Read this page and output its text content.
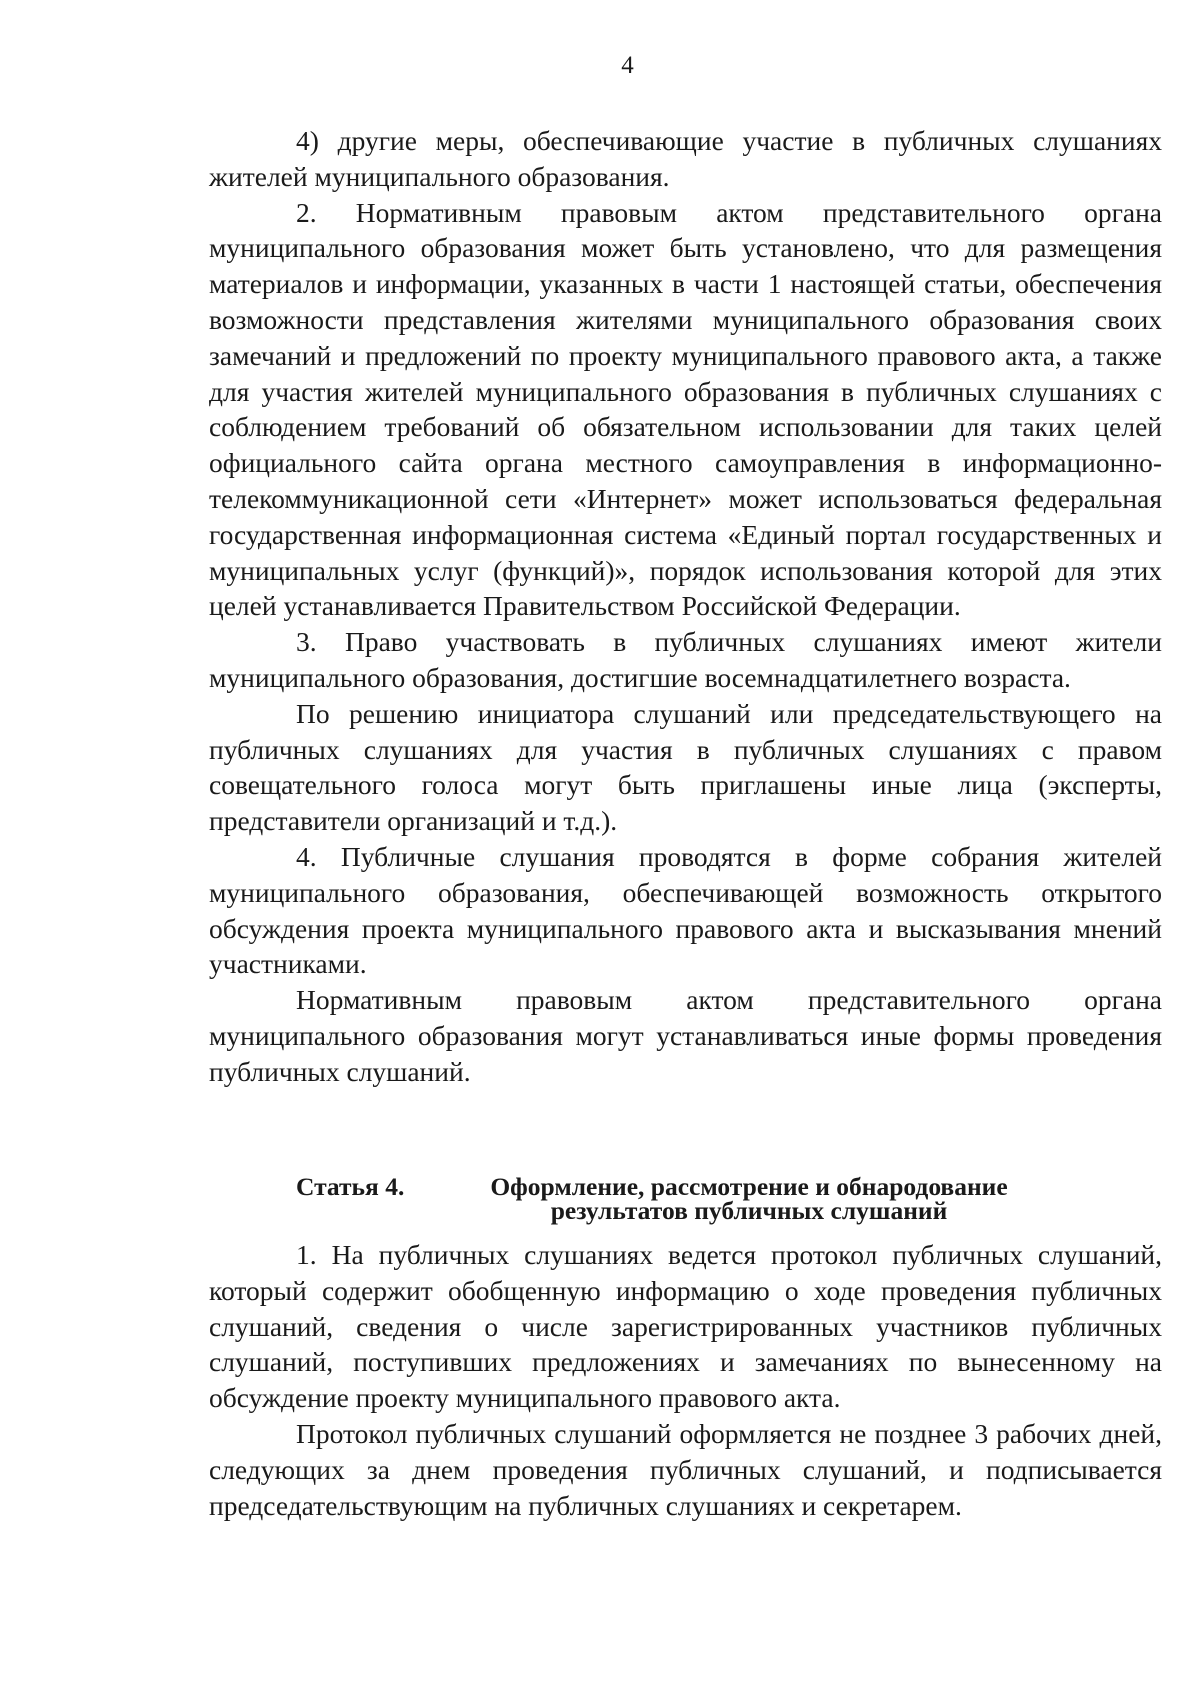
4

4) другие меры, обеспечивающие участие в публичных слушаниях жителей муниципального образования.

2. Нормативным правовым актом представительного органа муниципального образования может быть установлено, что для размещения материалов и информации, указанных в части 1 настоящей статьи, обеспечения возможности представления жителями муниципального образования своих замечаний и предложений по проекту муниципального правового акта, а также для участия жителей муниципального образования в публичных слушаниях с соблюдением требований об обязательном использовании для таких целей официального сайта органа местного самоуправления в информационно-телекоммуникационной сети «Интернет» может использоваться федеральная государственная информационная система «Единый портал государственных и муниципальных услуг (функций)», порядок использования которой для этих целей устанавливается Правительством Российской Федерации.

3. Право участвовать в публичных слушаниях имеют жители муниципального образования, достигшие восемнадцатилетнего возраста.

По решению инициатора слушаний или председательствующего на публичных слушаниях для участия в публичных слушаниях с правом совещательного голоса могут быть приглашены иные лица (эксперты, представители организаций и т.д.).

4. Публичные слушания проводятся в форме собрания жителей муниципального образования, обеспечивающей возможность открытого обсуждения проекта муниципального правового акта и высказывания мнений участниками.

Нормативным правовым актом представительного органа муниципального образования могут устанавливаться иные формы проведения публичных слушаний.

Статья 4.	Оформление, рассмотрение и обнародование
результатов публичных слушаний

1. На публичных слушаниях ведется протокол публичных слушаний, который содержит обобщенную информацию о ходе проведения публичных слушаний, сведения о числе зарегистрированных участников публичных слушаний, поступивших предложениях и замечаниях по вынесенному на обсуждение проекту муниципального правового акта.

Протокол публичных слушаний оформляется не позднее 3 рабочих дней, следующих за днем проведения публичных слушаний, и подписывается председательствующим на публичных слушаниях и секретарем.
